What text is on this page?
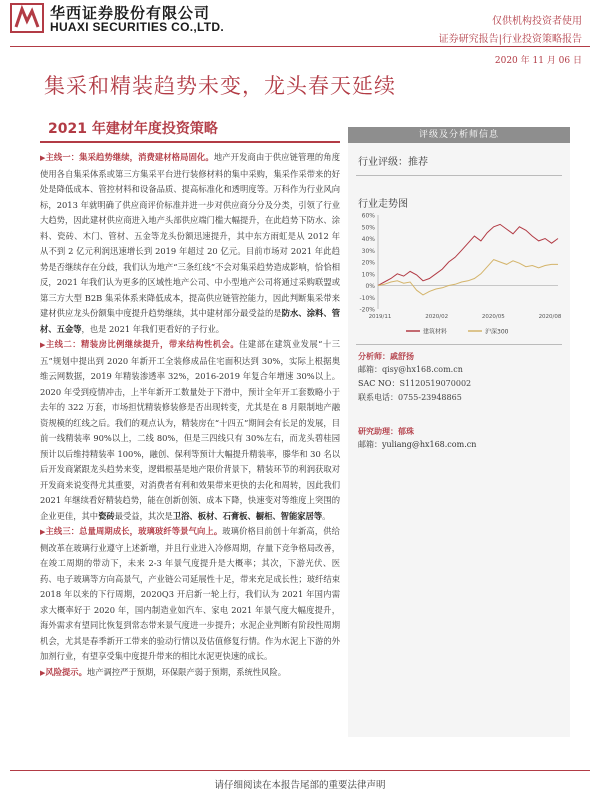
华西证券股份有限公司
HUAXI SECURITIES CO.,LTD.	仅供机构投资者使用
证券研究报告|行业投资策略报告
2020 年 11 月 06 日
集采和精装趋势未变，龙头春天延续
2021 年建材年度投资策略

▶主线一：集采趋势继续，消费建材格局固化。地产开发商由于供应链管理的角度使用各自集采体系或第三方集采平台进行装修材料的集中采购，集采作采带来的好处是降低成本、管控材料和设备品质、提高标准化和透明度等。万科作为行业风向标，2013 年就明确了供应商评价标准并进一步对供应商分分及分类，引领了行业大趋势，因此建材供应商进入地产头部供应端门槛大幅提升，在此趋势下防水、涂料、瓷砖、木门、管材、五金等龙头份额迅速提升，其中东方雨虹是从 2012 年从不到 2 亿元利润迅速增长到 2019 年超过 20 亿元。目前市场对 2021 年此趋势是否继续存在分歧，我们认为地产“三条红线”不会对集采趋势造成影响，恰恰相反，2021 年我们认为更多的区域性地产公司、中小型地产公司将通过采购联盟或第三方大型 B2B 集采体系来降低成本，提高供应链管控能力，因此判断集采带来建材供应龙头份额集中度提升趋势继续，其中建材部分最受益的是防水、涂料、管材、五金等，也是 2021 年我们更看好的子行业。

▶主线二：精装房比例继续提升，带来结构性机会。住建部在建筑业发展“十三五”规划中提出到 2020 年新开工全装修成品住宅面积达到 30%，实际上根据奥维云网数据，2019 年精装渗透率 32%，2016-2019 年复合年增速 30%以上。2020 年受到疫情冲击，上半年新开工数量处于下滑中，预计全年开工套数略小于去年的 322 万套，市场担忧精装修装修是否出现转变，尤其是在 8 月限制地产融资规模的红线之后。我们的观点认为，精装房在“十四五”期间会有长足的发展，目前一线精装率 90%以上，二线 80%，但是三四线只有 30%左右，而龙头碧桂园预计以后维持精装率 100%，融创、保利等预计大幅提升精装率，滕华和 30 名以后开发商紧跟龙头趋势来变，逻辑根基是地产限价背景下，精装环节的利润获取对开发商来说变得尤其重要，对消费者有利和效果带来更快的去化和周转，因此我们 2021 年继续看好精装趋势，能在创新创领、成本下降，快速变对等维度上突围的企业更佳，其中瓷砖最受益，其次是卫浴、板材、石膏板、橱柜、智能家居等。

▶主线三：总量周期成长，玻璃玻纤等景气向上。玻璃价格目前创十年新高，供给侧改革在玻璃行业遵守上述新增，并且行业进入冷修周期，存量下竞争格局改善，在竣工周期的带动下，未来 2-3 年景气度提升是大概率；其次，下游光伏、医药、电子玻璃等方向高景气，产业链公司延展性十足，带来充足成长性；玻纤结束 2018 年以来的下行周期，2020Q3 开启新一轮上行，我们认为 2021 年国内需求大概率好于 2020 年，国内制造业如汽车、家电 2021 年景气度大幅度提升，海外需求有望同比恢复到常态带来景气度进一步提升；水泥企业判断有阶段性周期机会，尤其是春季新开工带来的验动行情以及估值修复行情。作为水泥上下游的外加剂行业，有望享受集中度提升带来的相比水泥更快速的成长。

▶风险提示。地产调控严于预期，环保限产弱于预期，系统性风险。

评级及分析师信息
行业评级：推荐
行业走势图
60%
50%
40%
30%
20%
10%
0%
-10%
-20%
2019/11	2020/02	2020/05	2020/08
建筑材料	沪深300
分析师：戚舒扬
邮箱：qisy@hx168.com.cn
SAC NO：S1120519070002
联系电话：0755-23948865
研究助理：郁珠
邮箱：yuliang@hx168.com.cn
请仔细阅读在本报告尾部的重要法律声明
